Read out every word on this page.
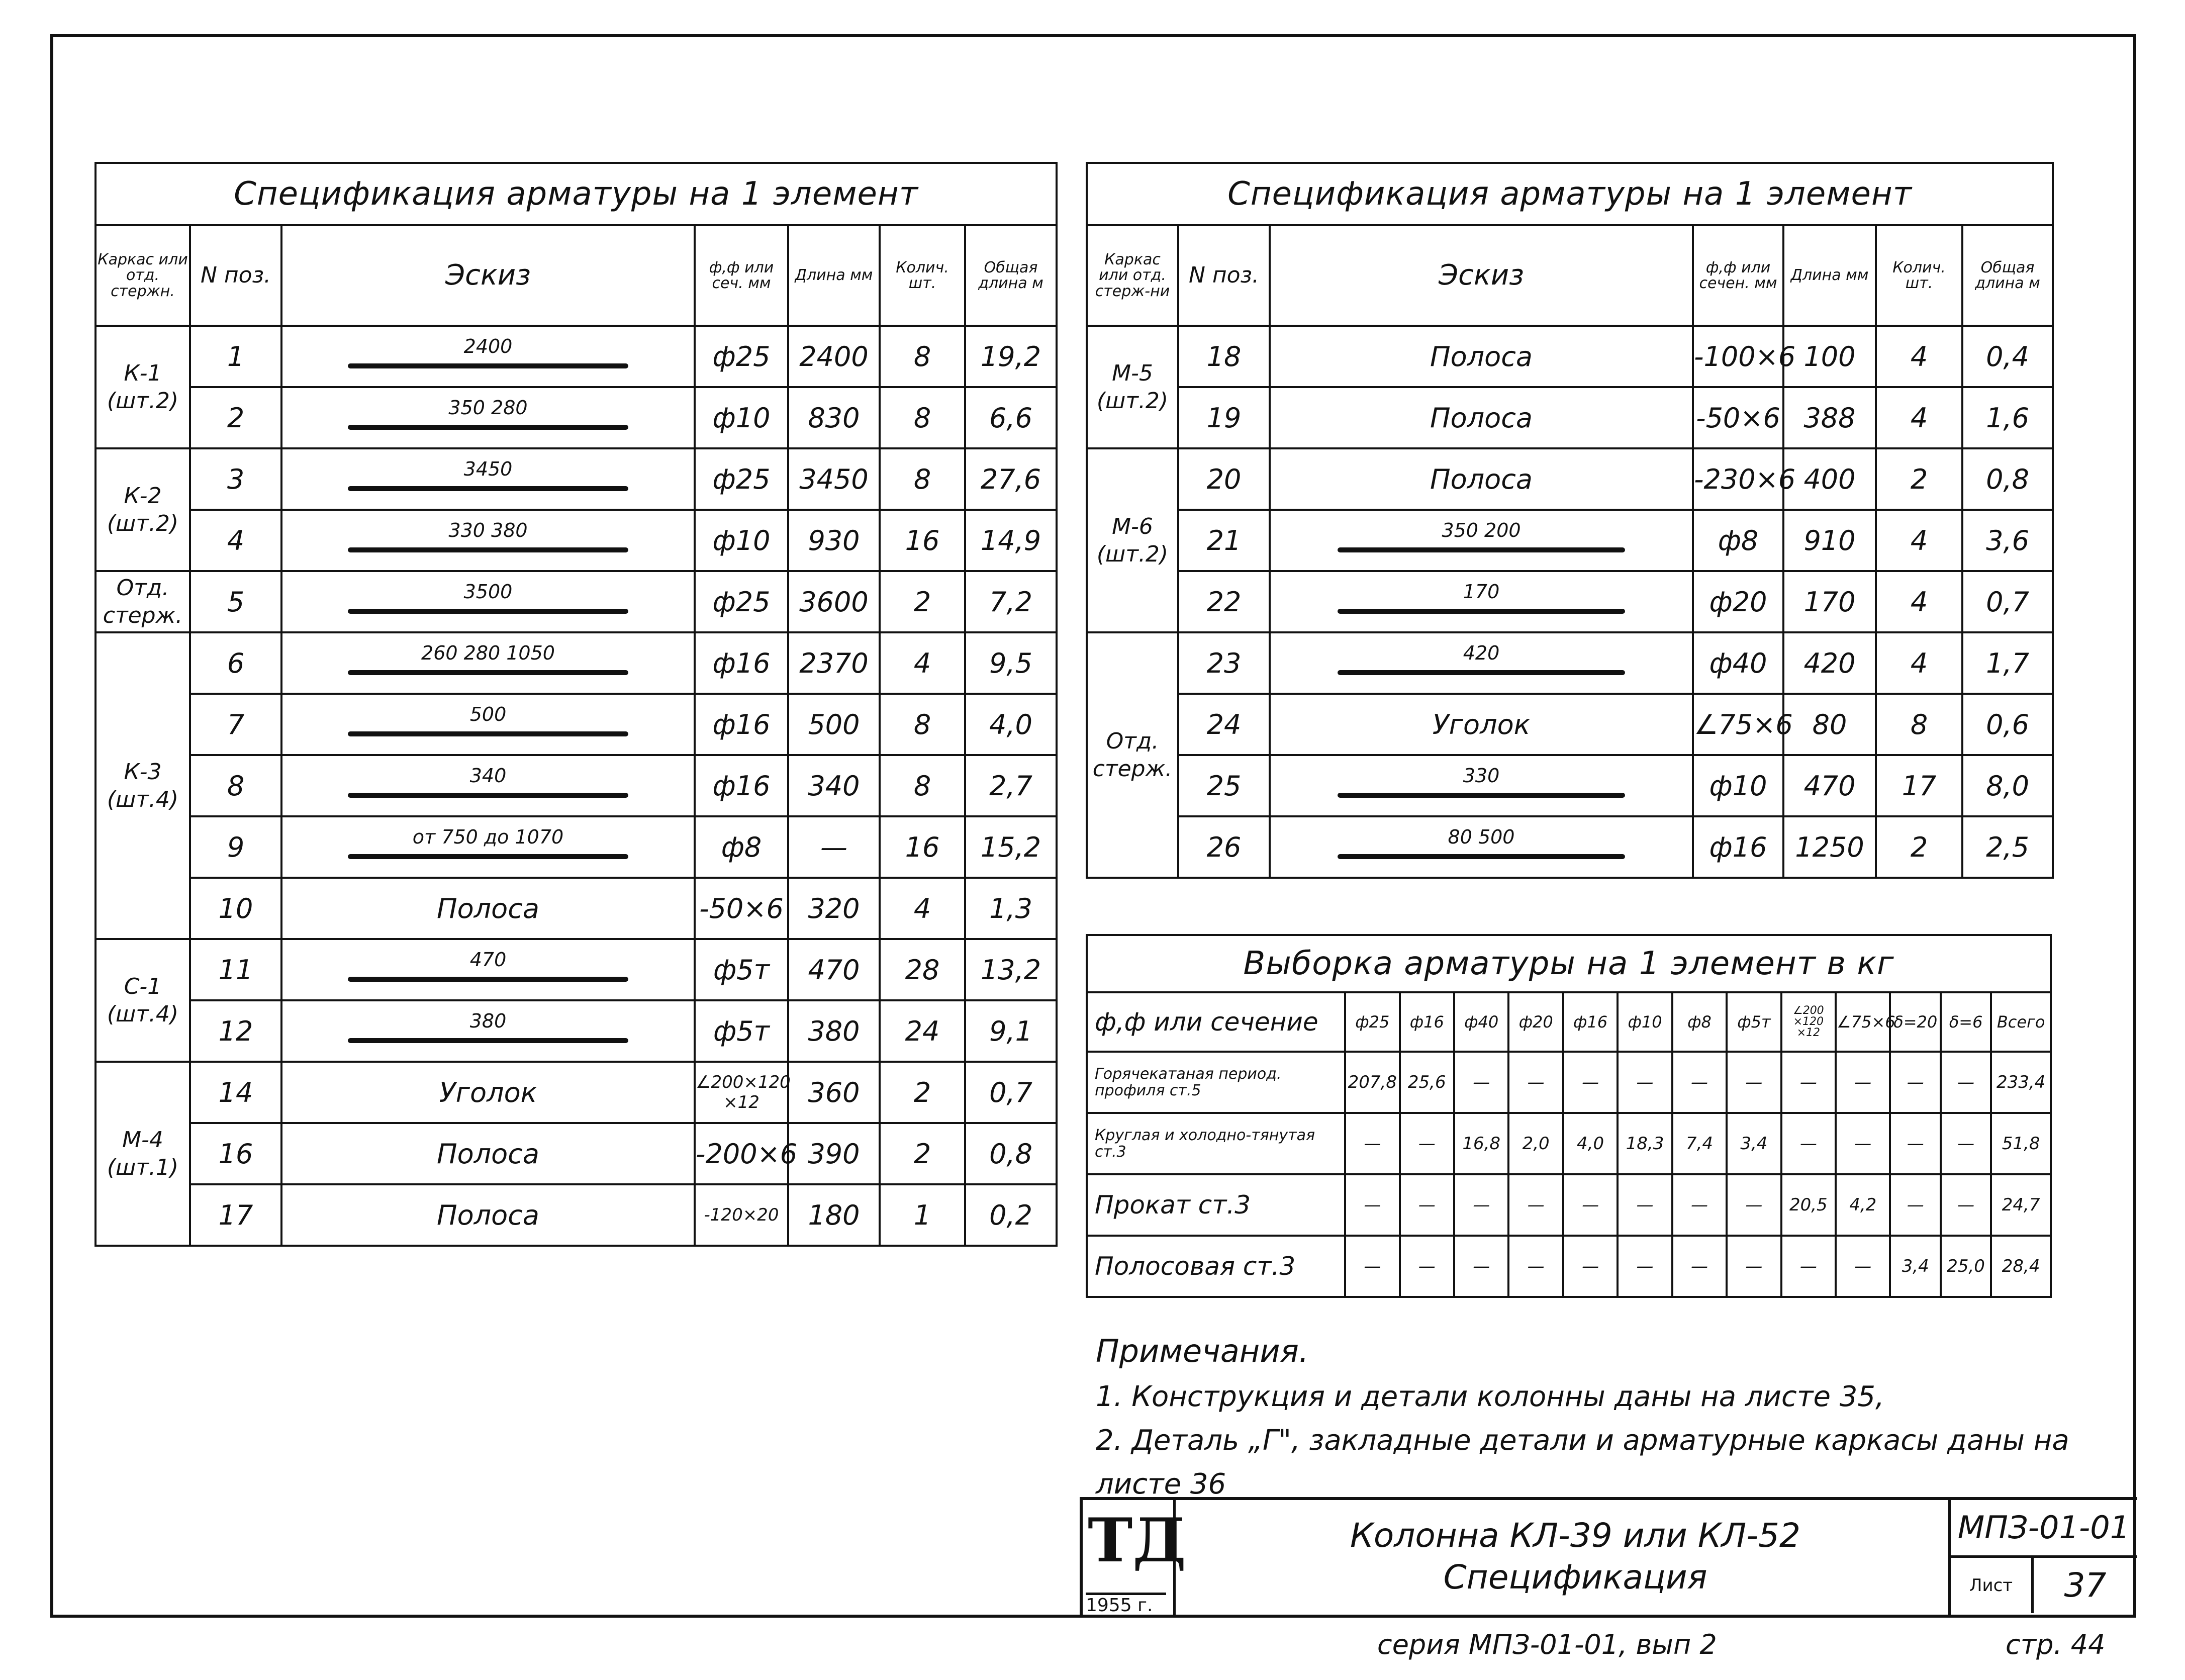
Спецификация арматуры на 1 элемент						
Каркас или отд. стержн.	N поз.	Эскиз	ф,ф или сеч. мм	Длина мм	Колич. шт.	Общая длина м
К-1 (шт.2)	1	2400	ф25	2400	8	19,2
	2	350 280	ф10	830	8	6,6
К-2 (шт.2)	3	3450	ф25	3450	8	27,6
	4	330 380	ф10	930	16	14,9
Отд. стерж.	5	3500	ф25	3600	2	7,2
К-3 (шт.4)	6	260 280 1050	ф16	2370	4	9,5
	7	500	ф16	500	8	4,0
	8	340	ф16	340	8	2,7
	9	от 750 до 1070	ф8	—	16	15,2
	10	Полоса	-50×6	320	4	1,3
С-1 (шт.4)	11	470	ф5т	470	28	13,2
	12	380	ф5т	380	24	9,1
М-4 (шт.1)	14	Уголок	∠200×120 ×12	360	2	0,7
	16	Полоса	-200×6	390	2	0,8
	17	Полоса	-120×20	180	1	0,2
Спецификация арматуры на 1 элемент						
Каркас или отд. стерж-ни	N поз.	Эскиз	ф,ф или сечен. мм	Длина мм	Колич. шт.	Общая длина м
М-5 (шт.2)	18	Полоса	-100×6	100	4	0,4
	19	Полоса	-50×6	388	4	1,6
М-6 (шт.2)	20	Полоса	-230×6	400	2	0,8
	21	350 200	ф8	910	4	3,6
	22	170	ф20	170	4	0,7
Отд. стерж.	23	420	ф40	420	4	1,7
	24	Уголок	∠75×6	80	8	0,6
	25	330	ф10	470	17	8,0
	26	80 500	ф16	1250	2	2,5
Выборка арматуры на 1 элемент в кг													
ф,ф или сечение	ф25	ф16	ф40	ф20	ф16	ф10	ф8	ф5т	∠200 ×120 ×12	∠75×6	δ=20	δ=6	Всего
Горячекатаная период. профиля ст.5	207,8	25,6	—	—	—	—	—	—	—	—	—	—	233,4
Круглая и холодно-тянутая ст.3	—	—	16,8	2,0	4,0	18,3	7,4	3,4	—	—	—	—	51,8
Прокат ст.3	—	—	—	—	—	—	—	—	20,5	4,2	—	—	24,7
Полосовая ст.3	—	—	—	—	—	—	—	—	—	—	3,4	25,0	28,4
Примечания.
1. Конструкция и детали колонны даны на листе 35,
2. Деталь „Г", закладные детали и арматурные каркасы даны на листе 36
ТД
1955 г.
Колонна КЛ-39 или КЛ-52
Спецификация
МПЗ-01-01
Лист	37
серия МПЗ-01-01, вып 2	стр. 44
